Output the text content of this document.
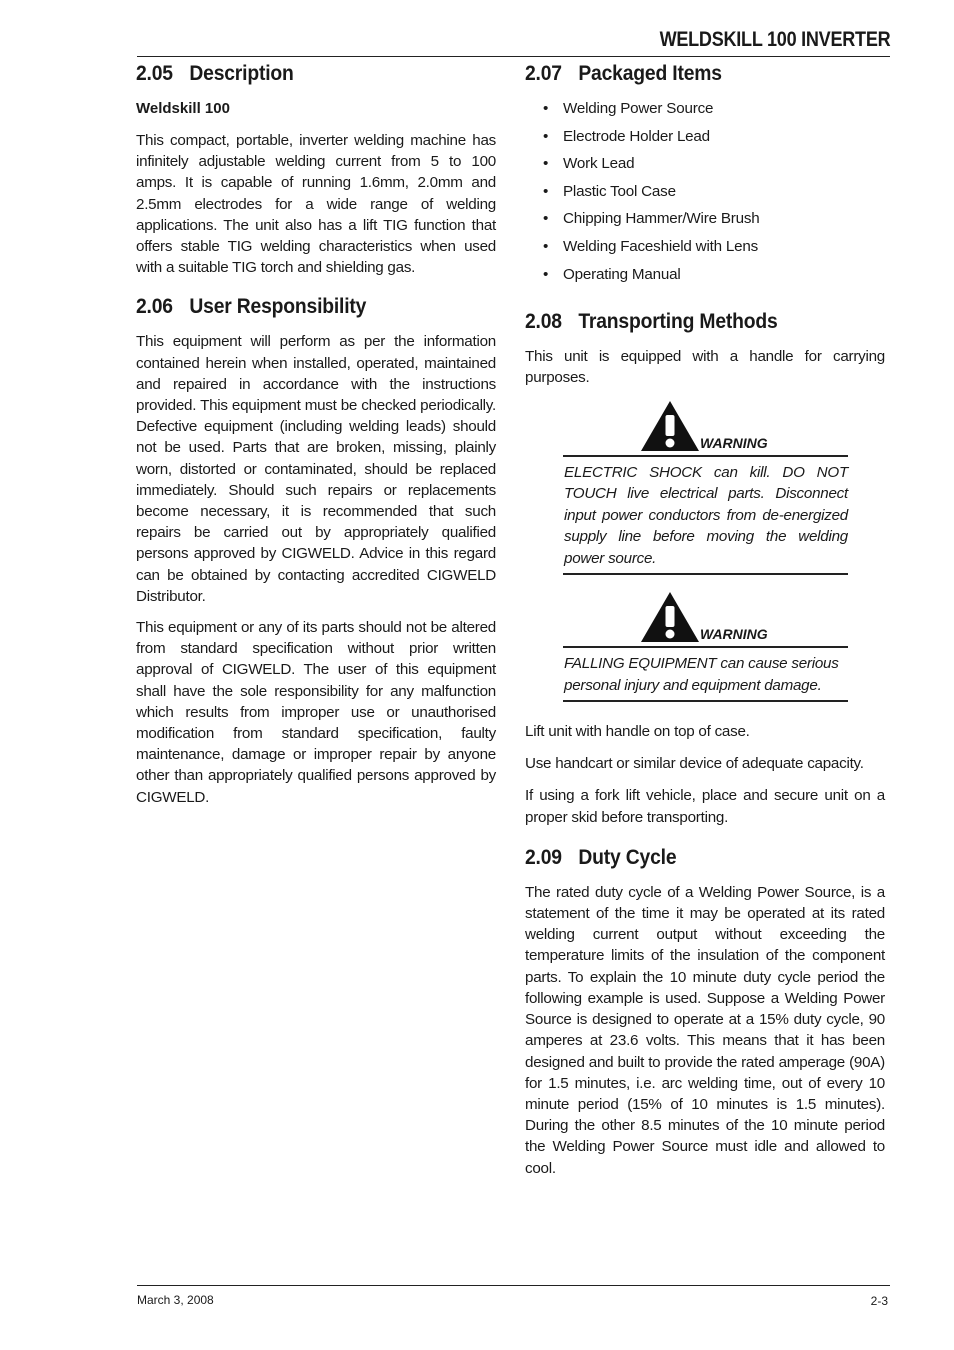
WELDSKILL 100 INVERTER
2.05 Description
Weldskill 100

This compact, portable, inverter welding machine has infinitely adjustable welding current from 5 to 100 amps. It is capable of running 1.6mm, 2.0mm and 2.5mm electrodes for a wide range of welding applications. The unit also has a lift TIG function that offers stable TIG welding characteristics when used with a suitable TIG torch and shielding gas.

2.06 User Responsibility

This equipment will perform as per the information contained herein when installed, operated, maintained and repaired in accordance with the instructions provided. This equipment must be checked periodically. Defective equipment (including welding leads) should not be used. Parts that are broken, missing, plainly worn, distorted or contaminated, should be replaced immediately. Should such repairs or replacements become necessary, it is recommended that such repairs be carried out by appropriately qualified persons approved by CIGWELD. Advice in this regard can be obtained by contacting accredited CIGWELD Distributor.

This equipment or any of its parts should not be altered from standard specification without prior written approval of CIGWELD. The user of this equipment shall have the sole responsibility for any malfunction which results from improper use or unauthorised modification from standard specification, faulty maintenance, damage or improper repair by anyone other than appropriately qualified persons approved by CIGWELD.

2.07 Packaged Items
• Welding Power Source
• Electrode Holder Lead
• Work Lead
• Plastic Tool Case
• Chipping Hammer/Wire Brush
• Welding Faceshield with Lens
• Operating Manual
2.08 Transporting Methods

This unit is equipped with a handle for carrying purposes.

WARNING

ELECTRIC SHOCK can kill. DO NOT TOUCH live electrical parts. Disconnect input power conductors from de-energized supply line before moving the welding power source.

WARNING

FALLING EQUIPMENT can cause serious personal injury and equipment damage.

Lift unit with handle on top of case.

Use handcart or similar device of adequate capacity.

If using a fork lift vehicle, place and secure unit on a proper skid before transporting.

2.09 Duty Cycle

The rated duty cycle of a Welding Power Source, is a statement of the time it may be operated at its rated welding current output without exceeding the temperature limits of the insulation of the component parts. To explain the 10 minute duty cycle period the following example is used. Suppose a Welding Power Source is designed to operate at a 15% duty cycle, 90 amperes at 23.6 volts. This means that it has been designed and built to provide the rated amperage (90A) for 1.5 minutes, i.e. arc welding time, out of every 10 minute period (15% of 10 minutes is 1.5 minutes). During the other 8.5 minutes of the 10 minute period the Welding Power Source must idle and allowed to cool.

March 3, 2008	2-3
